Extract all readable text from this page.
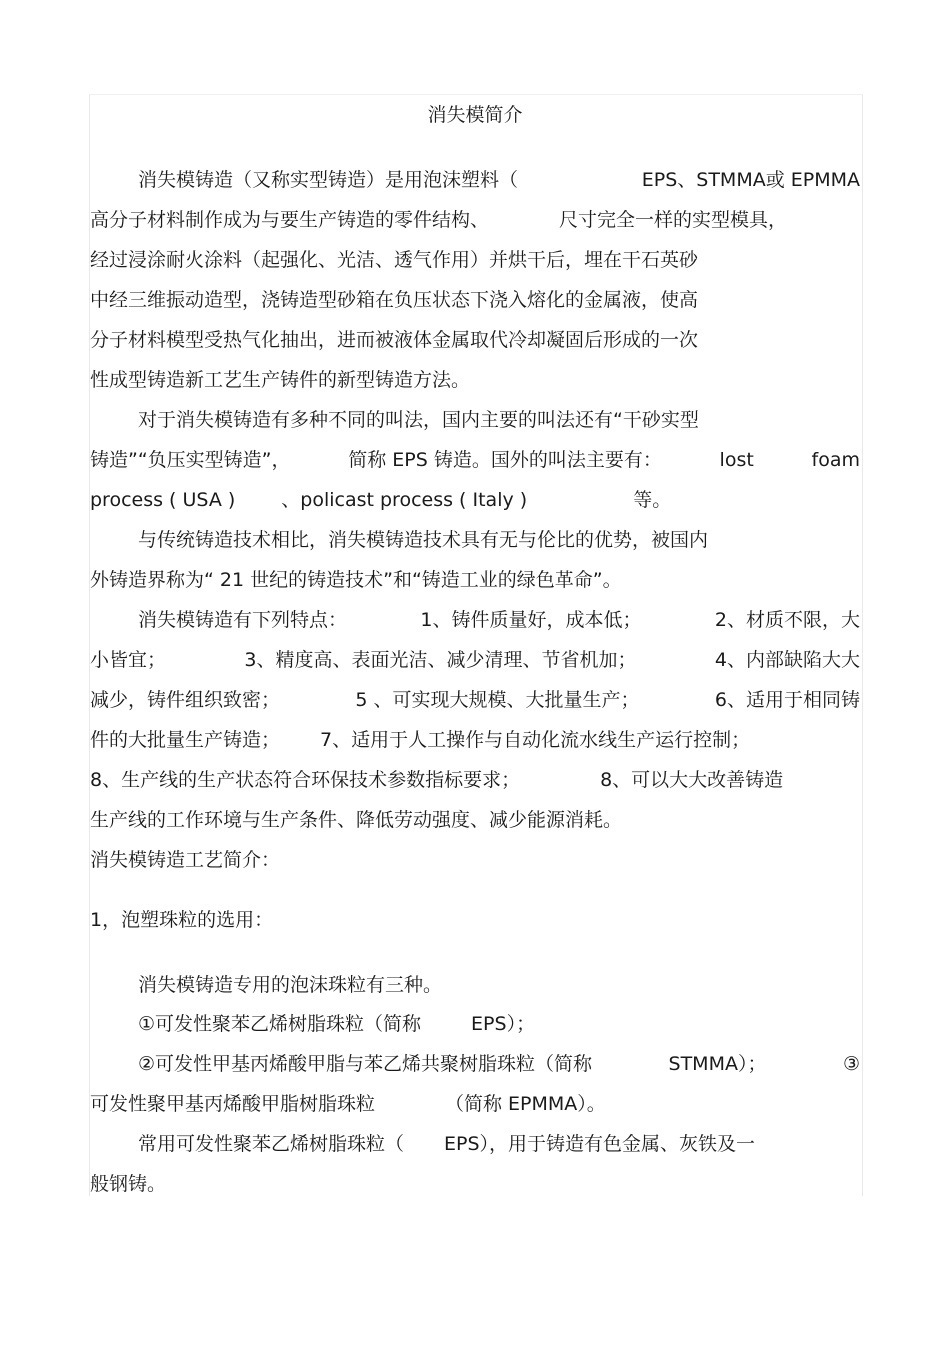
消失模简介
消失模铸造（又称实型铸造）是用泡沫塑料（	EPS、STMMA或 EPMMA
高分子材料制作成为与要生产铸造的零件结构、	尺寸完全一样的实型模具，
经过浸涂耐火涂料（起强化、光洁、透气作用）并烘干后，埋在干石英砂
中经三维振动造型，浇铸造型砂箱在负压状态下浇入熔化的金属液，使高
分子材料模型受热气化抽出，进而被液体金属取代冷却凝固后形成的一次
性成型铸造新工艺生产铸件的新型铸造方法。
对于消失模铸造有多种不同的叫法，国内主要的叫法还有“干砂实型
铸造”“负压实型铸造”，	简称 EPS 铸造。国外的叫法主要有：	lost	foam
process ( USA ) 、policast process ( Italy )	等。
与传统铸造技术相比，消失模铸造技术具有无与伦比的优势，被国内
外铸造界称为“ 21 世纪的铸造技术”和“铸造工业的绿色革命”。
消失模铸造有下列特点：	1、铸件质量好，成本低；	2、材质不限，大
小皆宜；	3、精度高、表面光洁、减少清理、节省机加；	4、内部缺陷大大
减少，铸件组织致密；	5 、可实现大规模、大批量生产；	6、适用于相同铸
件的大批量生产铸造； 7、适用于人工操作与自动化流水线生产运行控制；
8、生产线的生产状态符合环保技术参数指标要求；	8、可以大大改善铸造
生产线的工作环境与生产条件、降低劳动强度、减少能源消耗。
消失模铸造工艺简介：
1，泡塑珠粒的选用：
消失模铸造专用的泡沫珠粒有三种。
①可发性聚苯乙烯树脂珠粒（简称	EPS）；
②可发性甲基丙烯酸甲脂与苯乙烯共聚树脂珠粒（简称	STMMA）；	③
可发性聚甲基丙烯酸甲脂树脂珠粒	（简称 EPMMA）。
常用可发性聚苯乙烯树脂珠粒（ EPS），用于铸造有色金属、灰铁及一
般钢铸。
